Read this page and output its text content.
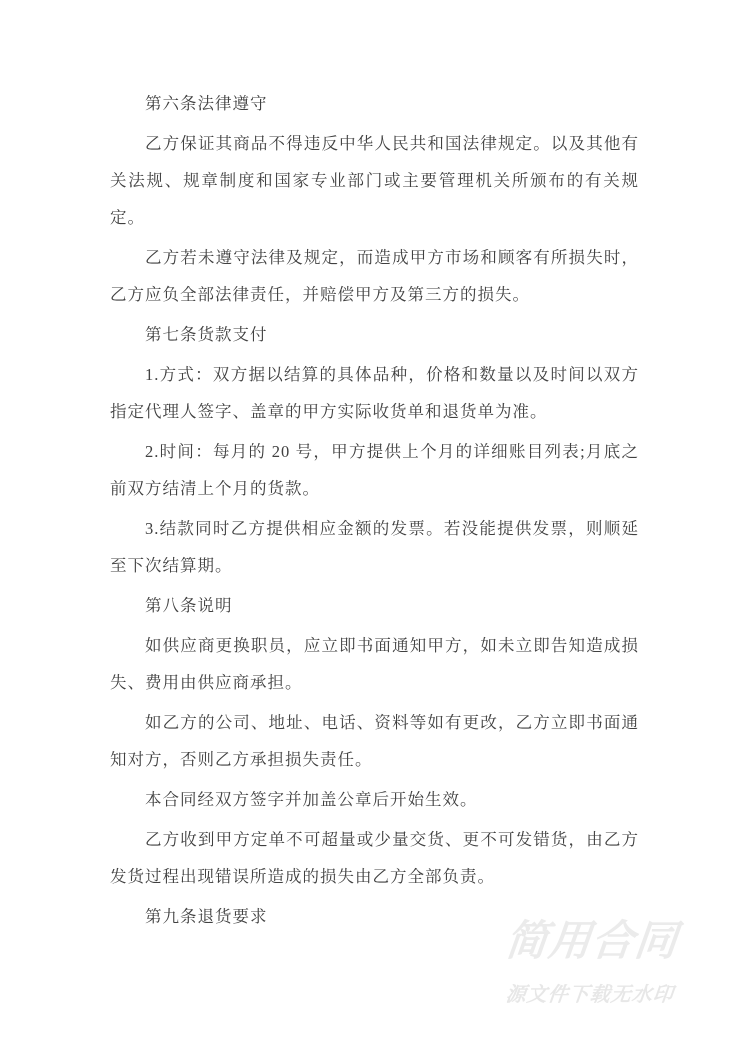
第六条法律遵守

乙方保证其商品不得违反中华人民共和国法律规定。以及其他有关法规、规章制度和国家专业部门或主要管理机关所颁布的有关规定。

乙方若未遵守法律及规定，而造成甲方市场和顾客有所损失时，乙方应负全部法律责任，并赔偿甲方及第三方的损失。

第七条货款支付

1.方式：双方据以结算的具体品种，价格和数量以及时间以双方指定代理人签字、盖章的甲方实际收货单和退货单为准。

2.时间：每月的 20 号，甲方提供上个月的详细账目列表;月底之前双方结清上个月的货款。

3.结款同时乙方提供相应金额的发票。若没能提供发票，则顺延至下次结算期。

第八条说明

如供应商更换职员，应立即书面通知甲方，如未立即告知造成损失、费用由供应商承担。

如乙方的公司、地址、电话、资料等如有更改，乙方立即书面通知对方，否则乙方承担损失责任。

本合同经双方签字并加盖公章后开始生效。

乙方收到甲方定单不可超量或少量交货、更不可发错货，由乙方发货过程出现错误所造成的损失由乙方全部负责。

第九条退货要求

简用合同
源文件下载无水印
